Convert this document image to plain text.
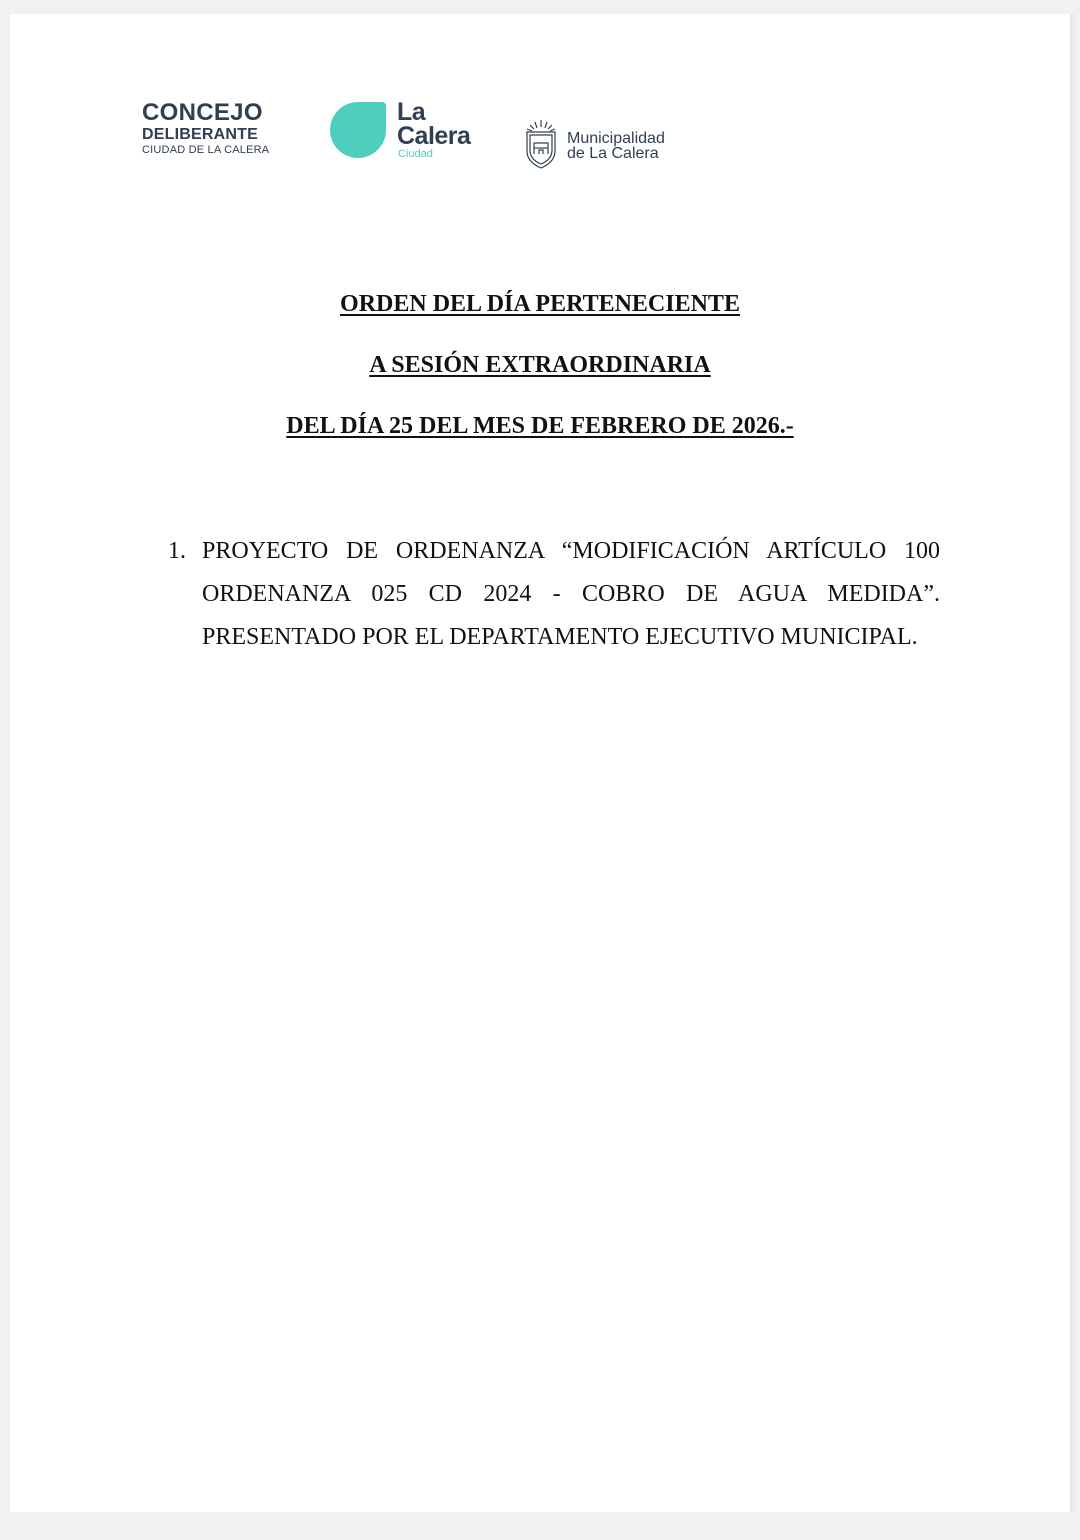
CONCEJO
DELIBERANTE
CIUDAD DE LA CALERA
La
Calera
Ciudad
Municipalidad
de La Calera
ORDEN DEL DÍA PERTENECIENTE
A SESIÓN EXTRAORDINARIA
DEL DÍA 25 DEL MES DE FEBRERO DE 2026.-
1. PROYECTO DE ORDENANZA “MODIFICACIÓN ARTÍCULO 100 ORDENANZA 025 CD 2024 - COBRO DE AGUA MEDIDA”. PRESENTADO POR EL DEPARTAMENTO EJECUTIVO MUNICIPAL.
